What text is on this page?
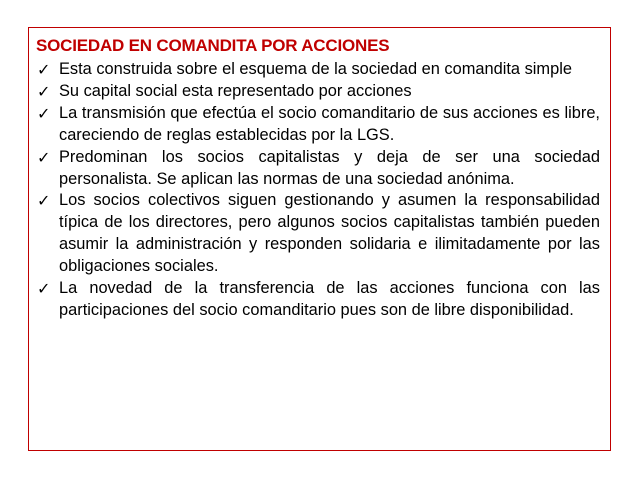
SOCIEDAD EN COMANDITA POR ACCIONES
✓ Esta construida sobre el esquema de la sociedad en comandita simple
✓ Su capital social esta representado por acciones
✓ La transmisión que efectúa el socio comanditario de sus acciones es libre, careciendo de reglas establecidas por la LGS.
✓ Predominan los socios capitalistas y deja de ser una sociedad personalista. Se aplican las normas de una sociedad anónima.
✓ Los socios colectivos siguen gestionando y asumen la responsabilidad típica de los directores, pero algunos socios capitalistas también pueden asumir la administración y responden solidaria e ilimitadamente por las obligaciones sociales.
✓ La novedad de la transferencia de las acciones funciona con las participaciones del socio comanditario pues son de libre disponibilidad.
